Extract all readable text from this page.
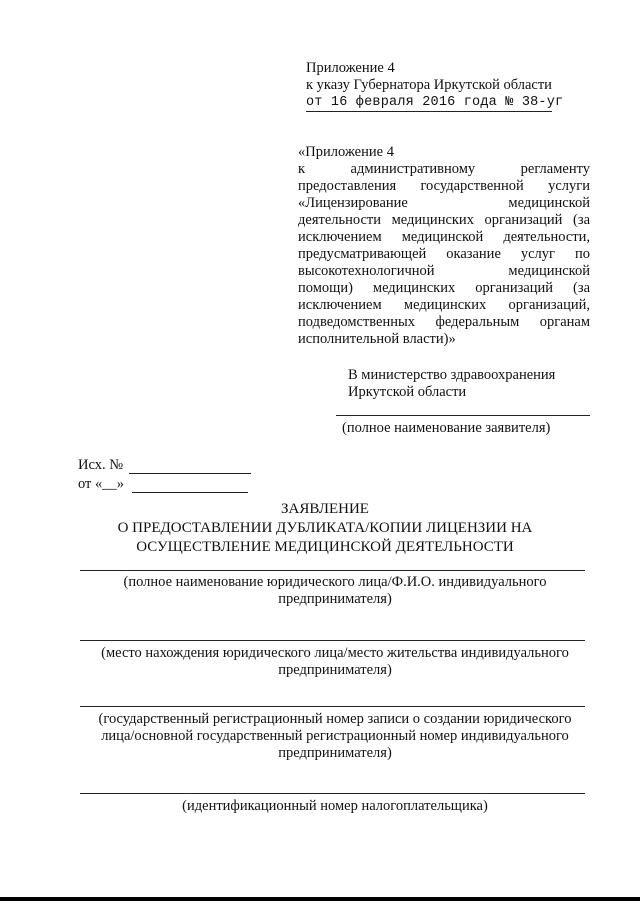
Приложение 4
к указу Губернатора Иркутской области
от 16 февраля 2016 года № 38-уг
«Приложение 4
к административному регламенту
предоставления государственной услуги
«Лицензирование медицинской
деятельности медицинских организаций (за
исключением медицинской деятельности,
предусматривающей оказание услуг по
высокотехнологичной медицинской
помощи) медицинских организаций (за
исключением медицинских организаций,
подведомственных федеральным органам
исполнительной власти)»
В министерство здравоохранения
Иркутской области
(полное наименование заявителя)
Исх. №
от «__»
ЗАЯВЛЕНИЕ
О ПРЕДОСТАВЛЕНИИ ДУБЛИКАТА/КОПИИ ЛИЦЕНЗИИ НА
ОСУЩЕСТВЛЕНИЕ МЕДИЦИНСКОЙ ДЕЯТЕЛЬНОСТИ
(полное наименование юридического лица/Ф.И.О. индивидуального
предпринимателя)
(место нахождения юридического лица/место жительства индивидуального
предпринимателя)
(государственный регистрационный номер записи о создании юридического
лица/основной государственный регистрационный номер индивидуального
предпринимателя)
(идентификационный номер налогоплательщика)
